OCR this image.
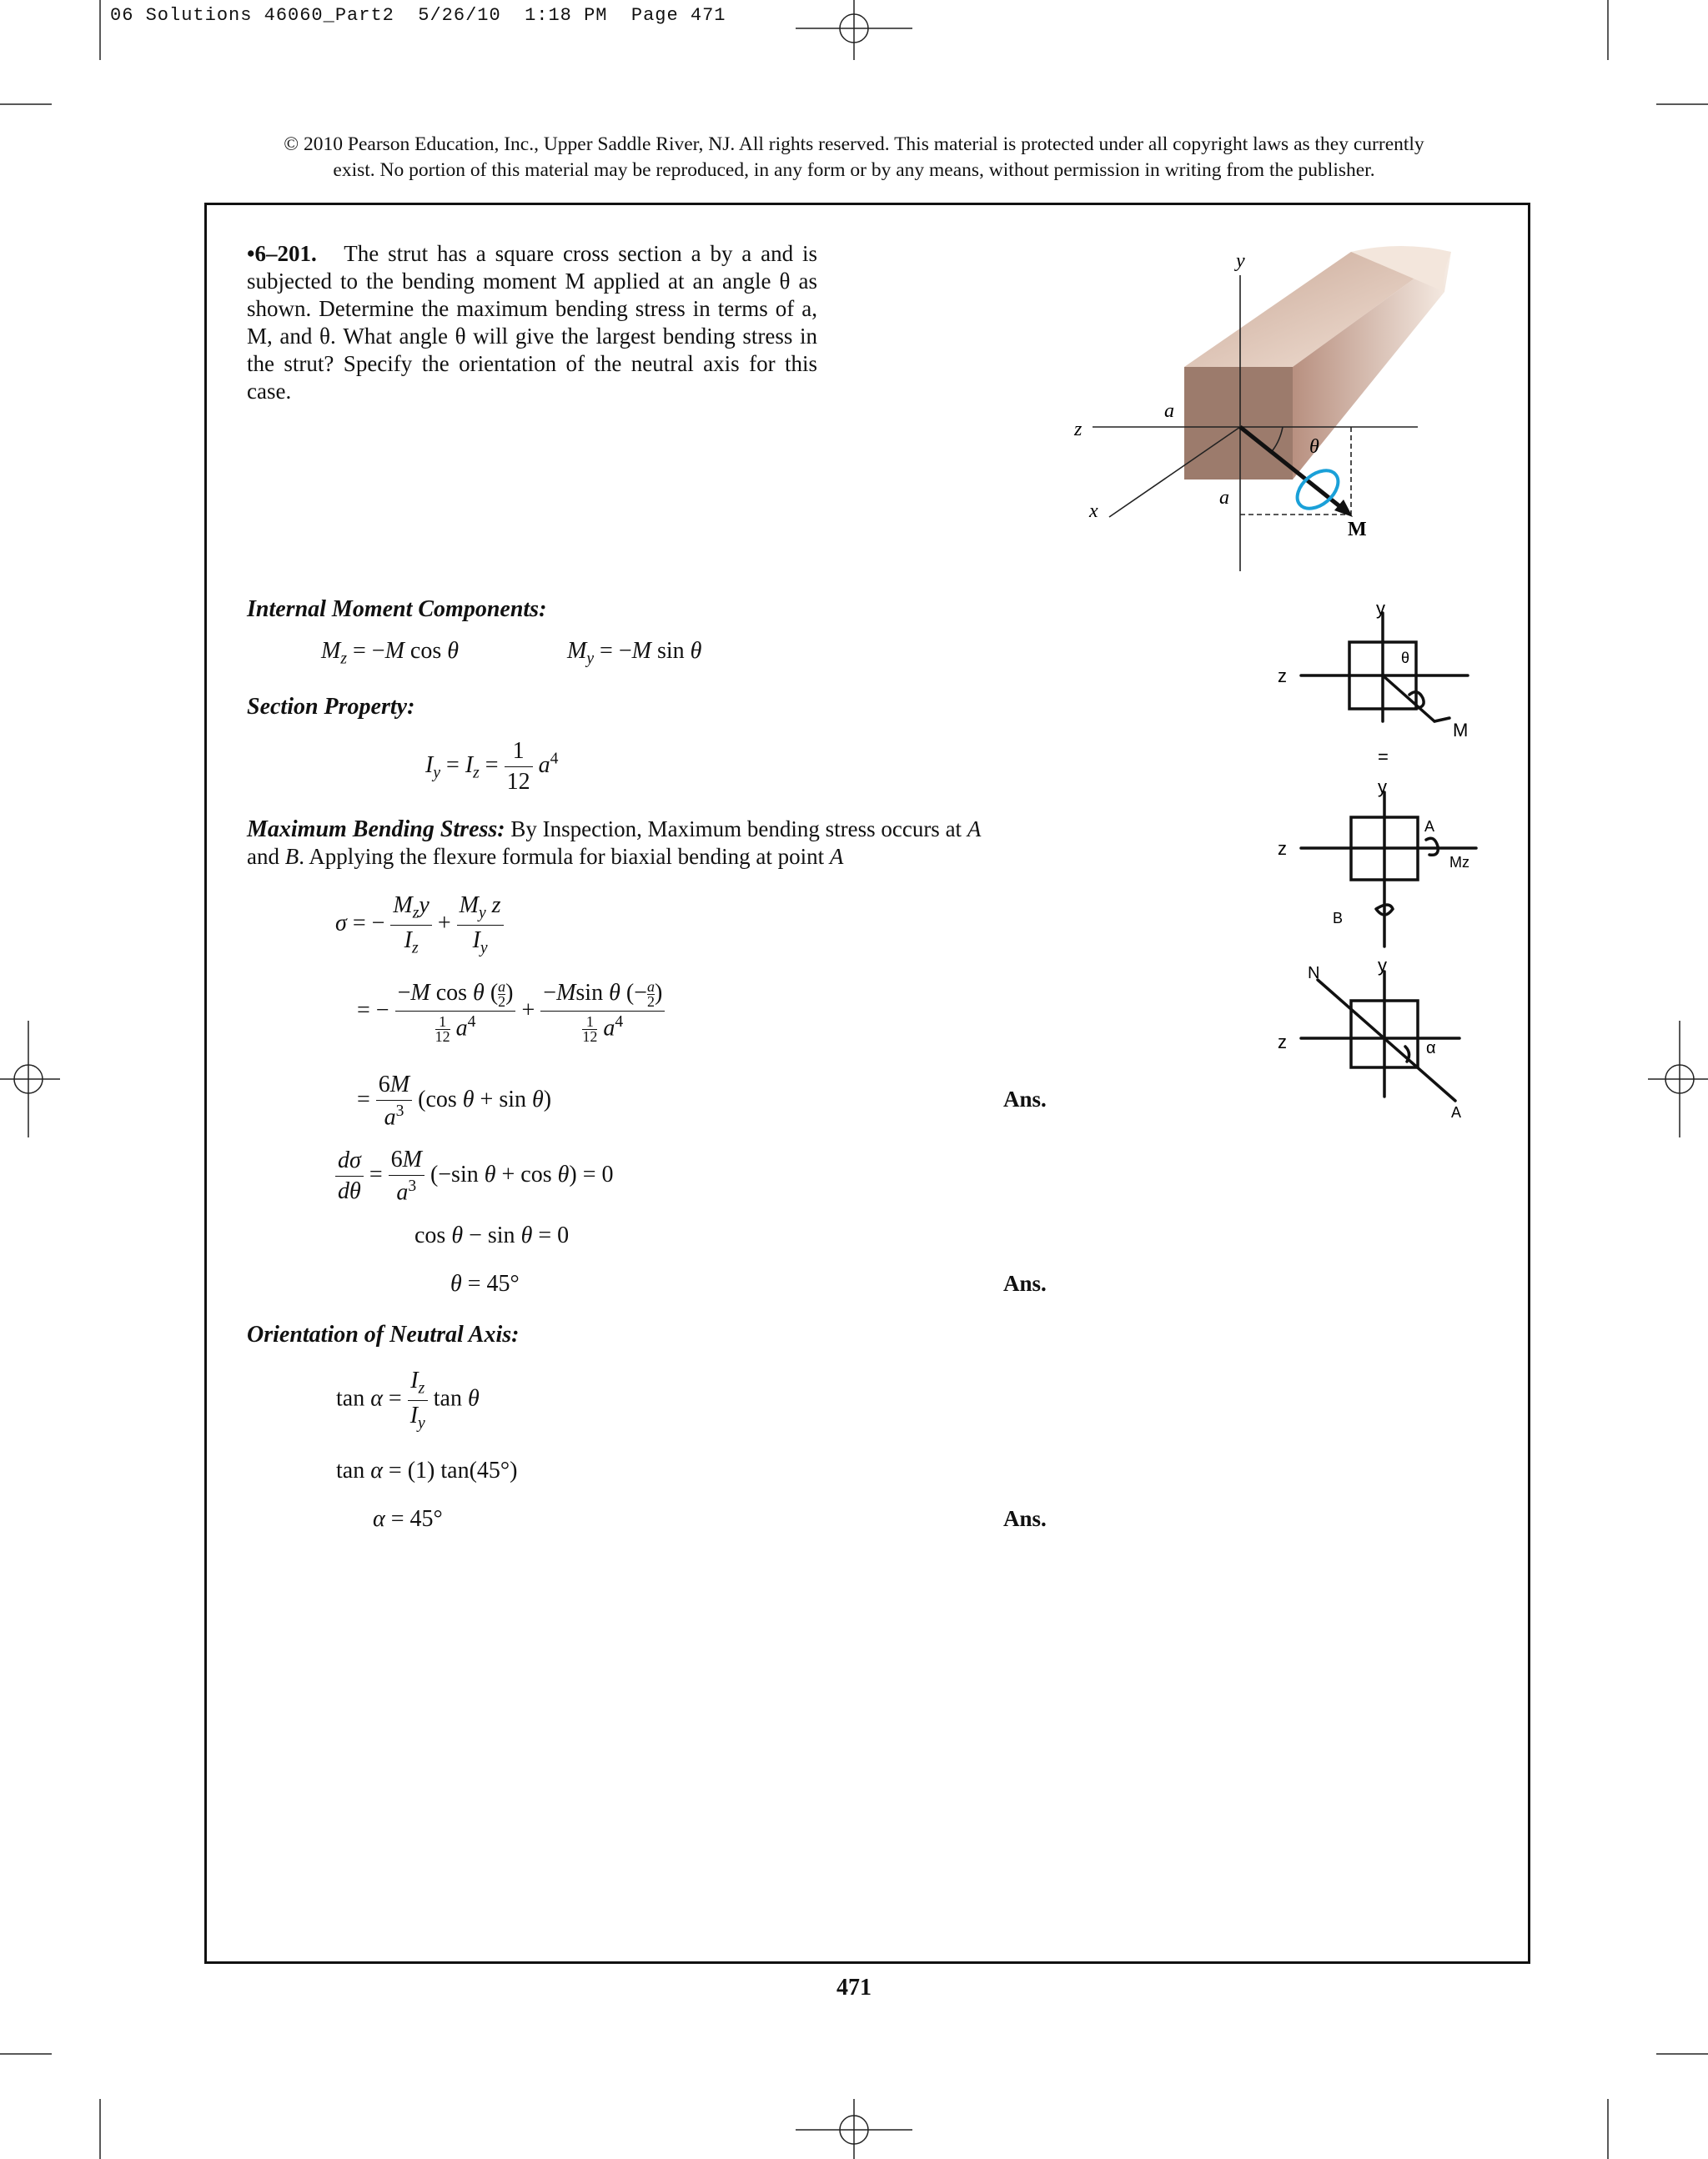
06 Solutions 46060_Part2  5/26/10  1:18 PM  Page 471
© 2010 Pearson Education, Inc., Upper Saddle River, NJ. All rights reserved. This material is protected under all copyright laws as they currently
exist. No portion of this material may be reproduced, in any form or by any means, without permission in writing from the publisher.
•6–201. The strut has a square cross section a by a and is subjected to the bending moment M applied at an angle θ as shown. Determine the maximum bending stress in terms of a, M, and θ. What angle θ will give the largest bending stress in the strut? Specify the orientation of the neutral axis for this case.
y
z
x
a
a
θ
M
y
z
θ
M
=
y
z
A
B
Mz
y
N
z	α
A
Internal Moment Components:
$M_z = -M$ cos θ	$M_y = -M$ sin θ
Section Property:
$I_y = I_z = \frac{1}{12} a^4$
Maximum Bending Stress: By Inspection, Maximum bending stress occurs at A
and B. Applying the flexure formula for biaxial bending at point A
σ = − $\frac{M_zy}{I_z} + \frac{M_y z}{I_y}$
= − $\frac{-M \cos \theta ( \frac{a}{2} )}{\frac{1}{12} a^4} + \frac{-Msin \theta (- \frac{a}{2} )}{\frac{1}{12} a^4}$
= $\frac{6M}{a^3} (\cos$ θ + sin θ)	Ans.
$\frac{d\sigma}{d\theta} = \frac{6M}{a^3} (-\sin$ θ + cos θ) = 0
cos θ − sin θ = 0
θ = 45°	Ans.
Orientation of Neutral Axis:
$\tan \alpha = \frac{I_z}{I_y}$ tan θ
tan α = (1) tan(45°)
α = 45°	Ans.
471
